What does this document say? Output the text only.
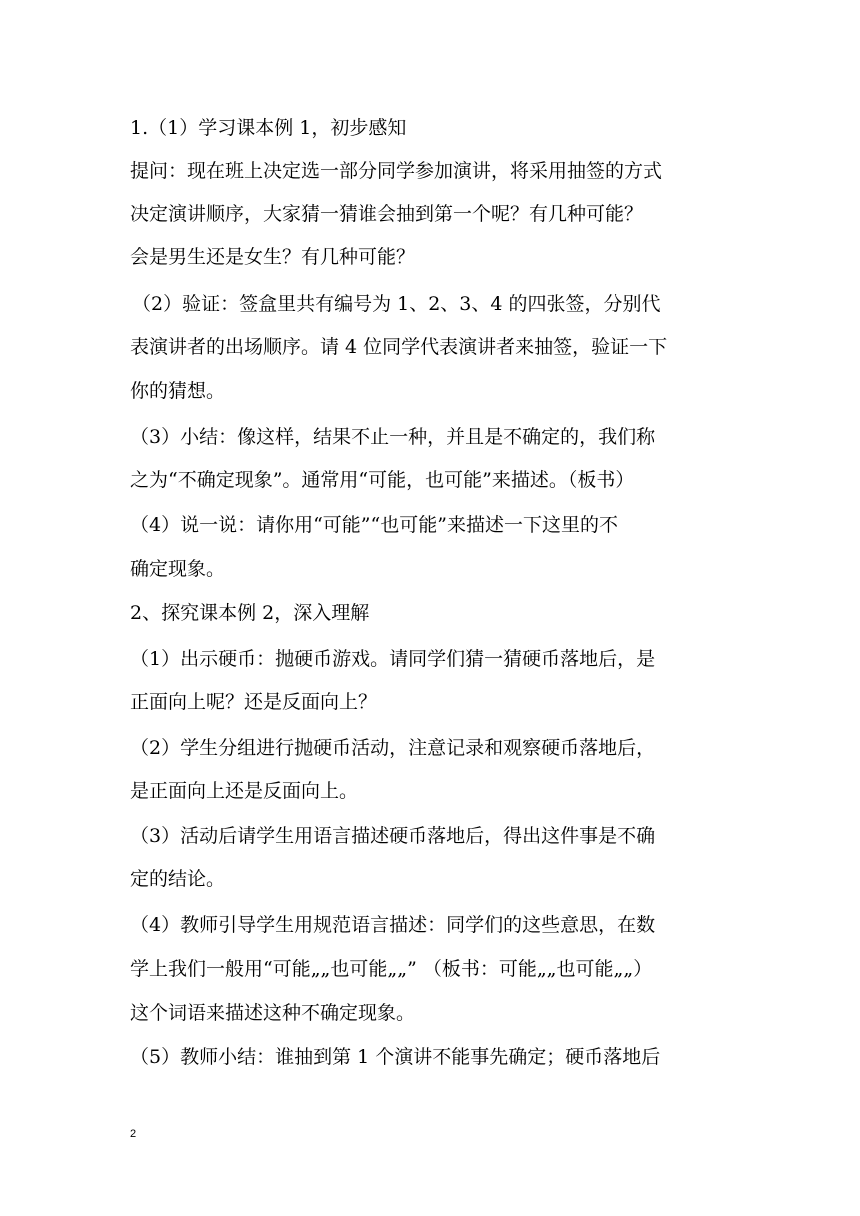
1.（1）学习课本例 1，初步感知
提问：现在班上决定选一部分同学参加演讲，将采用抽签的方式
决定演讲顺序，大家猜一猜谁会抽到第一个呢？有几种可能？
会是男生还是女生？有几种可能？
（2）验证：签盒里共有编号为 1、2、3、4 的四张签，分别代
表演讲者的出场顺序。请 4 位同学代表演讲者来抽签，验证一下
你的猜想。
（3）小结：像这样，结果不止一种，并且是不确定的，我们称
之为“不确定现象”。通常用“可能，也可能”来描述。（板书）
（4）说一说：请你用“可能”“也可能”来描述一下这里的不
确定现象。
2、探究课本例 2，深入理解
（1）出示硬币：抛硬币游戏。请同学们猜一猜硬币落地后，是
正面向上呢？还是反面向上？
（2）学生分组进行抛硬币活动，注意记录和观察硬币落地后，
是正面向上还是反面向上。
（3）活动后请学生用语言描述硬币落地后，得出这件事是不确
定的结论。
（4）教师引导学生用规范语言描述：同学们的这些意思，在数
学上我们一般用“可能„„也可能„„” （板书：可能„„也可能„„）
这个词语来描述这种不确定现象。
（5）教师小结：谁抽到第 1 个演讲不能事先确定；硬币落地后
2
